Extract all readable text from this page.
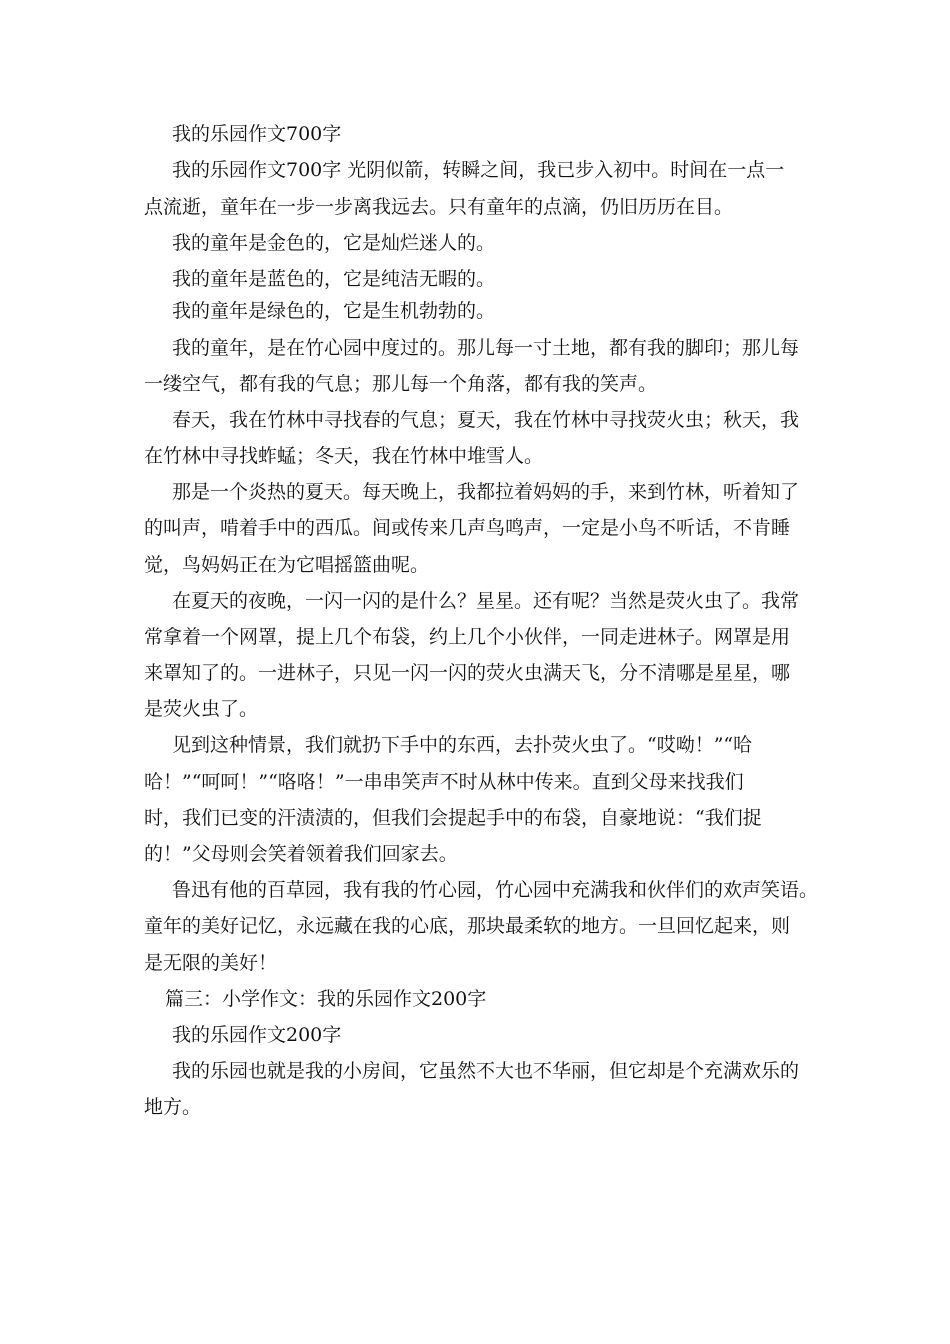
我的乐园作文700字
我的乐园作文700字 光阴似箭，转瞬之间，我已步入初中。时间在一点一
点流逝，童年在一步一步离我远去。只有童年的点滴，仍旧历历在目。
我的童年是金色的，它是灿烂迷人的。
我的童年是蓝色的，它是纯洁无暇的。
我的童年是绿色的，它是生机勃勃的。
我的童年，是在竹心园中度过的。那儿每一寸土地，都有我的脚印；那儿每
一缕空气，都有我的气息；那儿每一个角落，都有我的笑声。
春天，我在竹林中寻找春的气息；夏天，我在竹林中寻找荧火虫；秋天，我
在竹林中寻找蚱蜢；冬天，我在竹林中堆雪人。
那是一个炎热的夏天。每天晚上，我都拉着妈妈的手，来到竹林，听着知了
的叫声，啃着手中的西瓜。间或传来几声鸟鸣声，一定是小鸟不听话，不肯睡
觉，鸟妈妈正在为它唱摇篮曲呢。
在夏天的夜晚，一闪一闪的是什么？星星。还有呢？当然是荧火虫了。我常
常拿着一个网罩，提上几个布袋，约上几个小伙伴，一同走进林子。网罩是用
来罩知了的。一进林子，只见一闪一闪的荧火虫满天飞，分不清哪是星星，哪
是荧火虫了。
见到这种情景，我们就扔下手中的东西，去扑荧火虫了。“哎呦！”“哈
哈！”“呵呵！”“咯咯！”一串串笑声不时从林中传来。直到父母来找我们
时，我们已变的汗渍渍的，但我们会提起手中的布袋，自豪地说：“我们捉
的！”父母则会笑着领着我们回家去。
鲁迅有他的百草园，我有我的竹心园，竹心园中充满我和伙伴们的欢声笑语。
童年的美好记忆，永远藏在我的心底，那块最柔软的地方。一旦回忆起来，则
是无限的美好！
篇三：小学作文：我的乐园作文200字
我的乐园作文200字
我的乐园也就是我的小房间，它虽然不大也不华丽，但它却是个充满欢乐的
地方。
